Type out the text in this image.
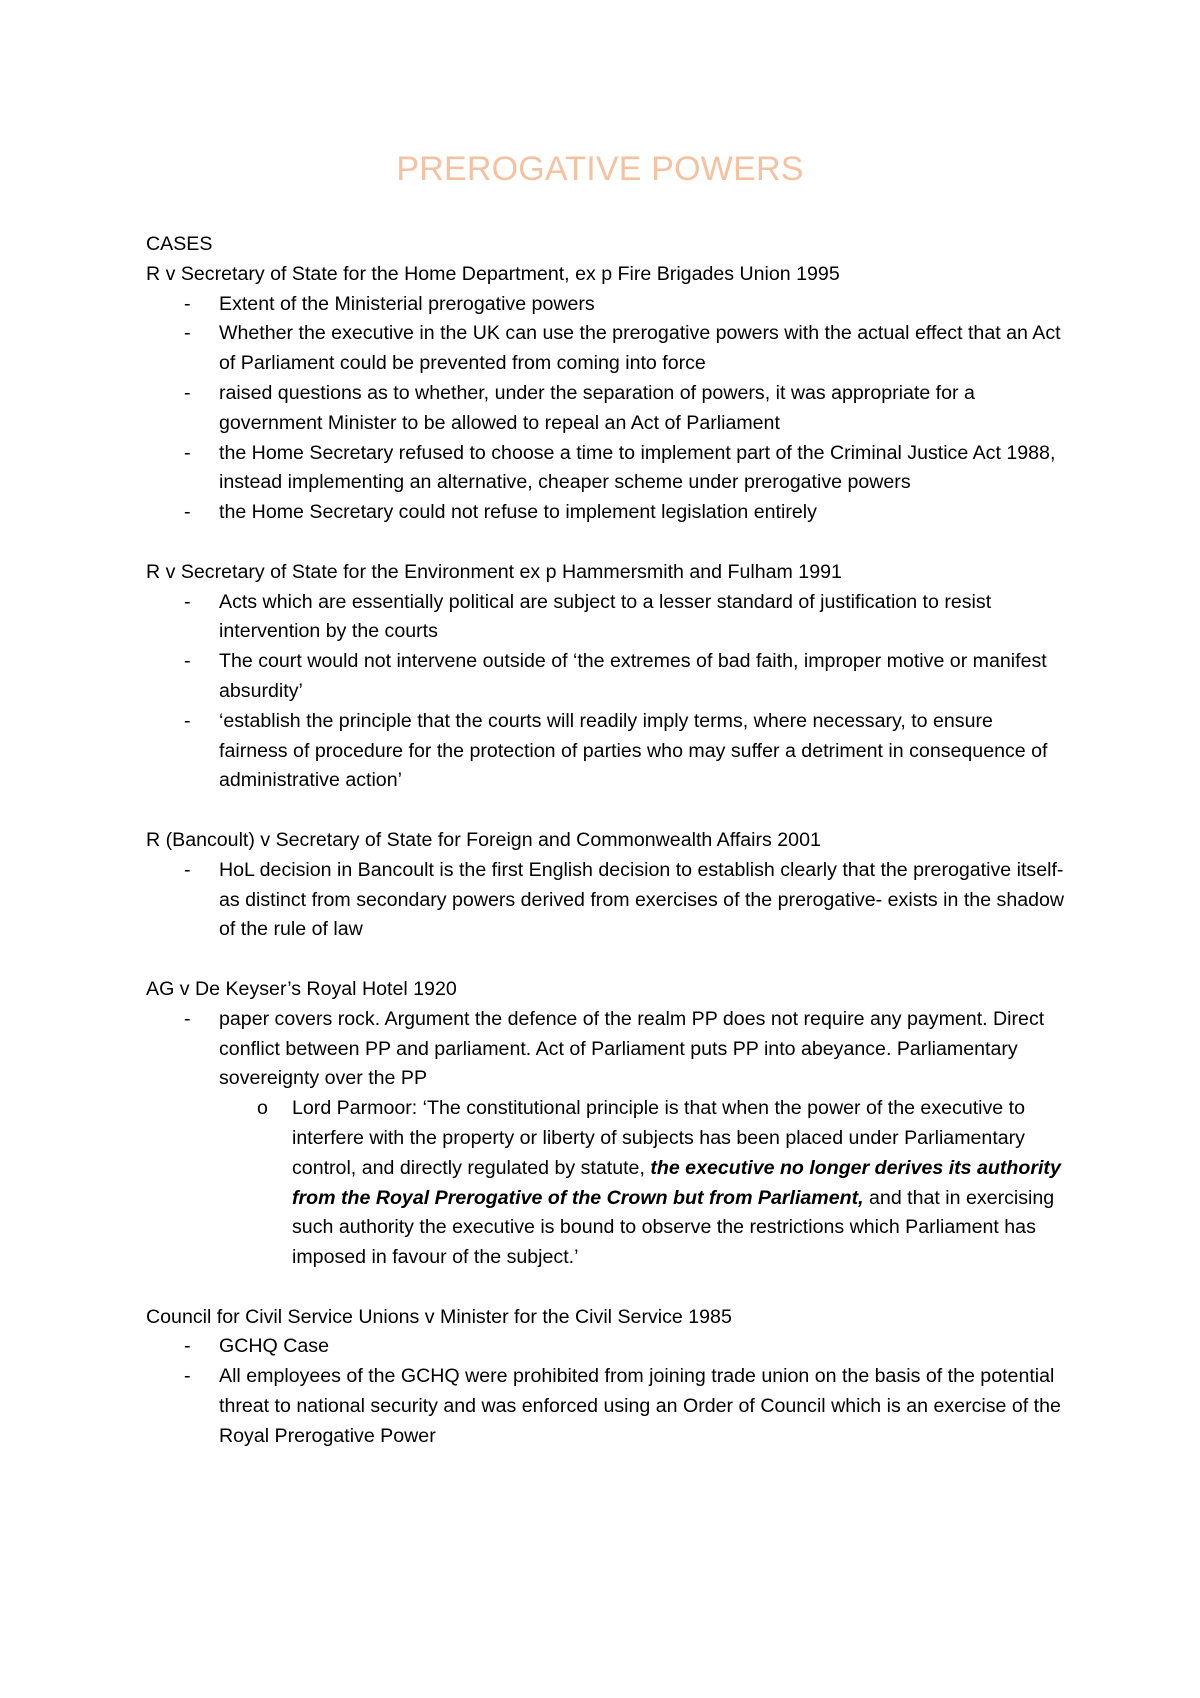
PREROGATIVE POWERS

CASES

R v Secretary of State for the Home Department, ex p Fire Brigades Union 1995

- Extent of the Ministerial prerogative powers
- Whether the executive in the UK can use the prerogative powers with the actual effect that an Act of Parliament could be prevented from coming into force
- raised questions as to whether, under the separation of powers, it was appropriate for a government Minister to be allowed to repeal an Act of Parliament
- the Home Secretary refused to choose a time to implement part of the Criminal Justice Act 1988, instead implementing an alternative, cheaper scheme under prerogative powers
- the Home Secretary could not refuse to implement legislation entirely

R v Secretary of State for the Environment ex p Hammersmith and Fulham 1991

- Acts which are essentially political are subject to a lesser standard of justification to resist intervention by the courts
- The court would not intervene outside of ‘the extremes of bad faith, improper motive or manifest absurdity’
- ‘establish the principle that the courts will readily imply terms, where necessary, to ensure fairness of procedure for the protection of parties who may suffer a detriment in consequence of administrative action’

R (Bancoult) v Secretary of State for Foreign and Commonwealth Affairs 2001

- HoL decision in Bancoult is the first English decision to establish clearly that the prerogative itself- as distinct from secondary powers derived from exercises of the prerogative- exists in the shadow of the rule of law

AG v De Keyser’s Royal Hotel 1920

- paper covers rock. Argument the defence of the realm PP does not require any payment. Direct conflict between PP and parliament. Act of Parliament puts PP into abeyance. Parliamentary sovereignty over the PP
o Lord Parmoor: ‘The constitutional principle is that when the power of the executive to interfere with the property or liberty of subjects has been placed under Parliamentary control, and directly regulated by statute, the executive no longer derives its authority from the Royal Prerogative of the Crown but from Parliament, and that in exercising such authority the executive is bound to observe the restrictions which Parliament has imposed in favour of the subject.’

Council for Civil Service Unions v Minister for the Civil Service 1985

- GCHQ Case
- All employees of the GCHQ were prohibited from joining trade union on the basis of the potential threat to national security and was enforced using an Order of Council which is an exercise of the Royal Prerogative Power
